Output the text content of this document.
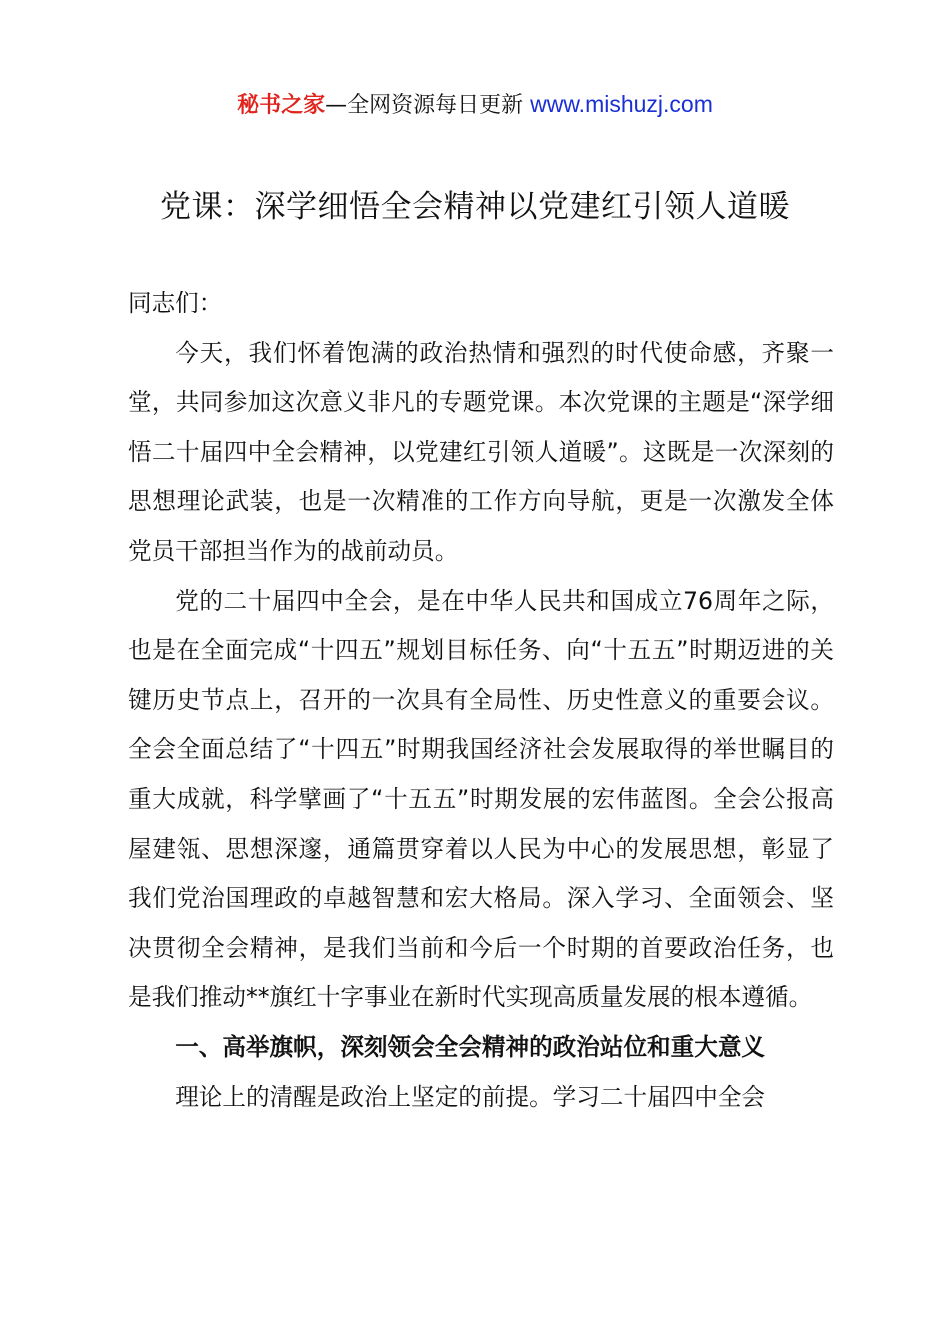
秘书之家—全网资源每日更新 www.mishuzj.com
党课：深学细悟全会精神以党建红引领人道暖

同志们：

今天，我们怀着饱满的政治热情和强烈的时代使命感，齐聚一堂，共同参加这次意义非凡的专题党课。本次党课的主题是“深学细悟二十届四中全会精神，以党建红引领人道暖”。这既是一次深刻的思想理论武装，也是一次精准的工作方向导航，更是一次激发全体党员干部担当作为的战前动员。

党的二十届四中全会，是在中华人民共和国成立76周年之际，也是在全面完成“十四五”规划目标任务、向“十五五”时期迈进的关键历史节点上，召开的一次具有全局性、历史性意义的重要会议。全会全面总结了“十四五”时期我国经济社会发展取得的举世瞩目的重大成就，科学擘画了“十五五”时期发展的宏伟蓝图。全会公报高屋建瓴、思想深邃，通篇贯穿着以人民为中心的发展思想，彰显了我们党治国理政的卓越智慧和宏大格局。深入学习、全面领会、坚决贯彻全会精神，是我们当前和今后一个时期的首要政治任务，也是我们推动**旗红十字事业在新时代实现高质量发展的根本遵循。

一、高举旗帜，深刻领会全会精神的政治站位和重大意义

理论上的清醒是政治上坚定的前提。学习二十届四中全会
